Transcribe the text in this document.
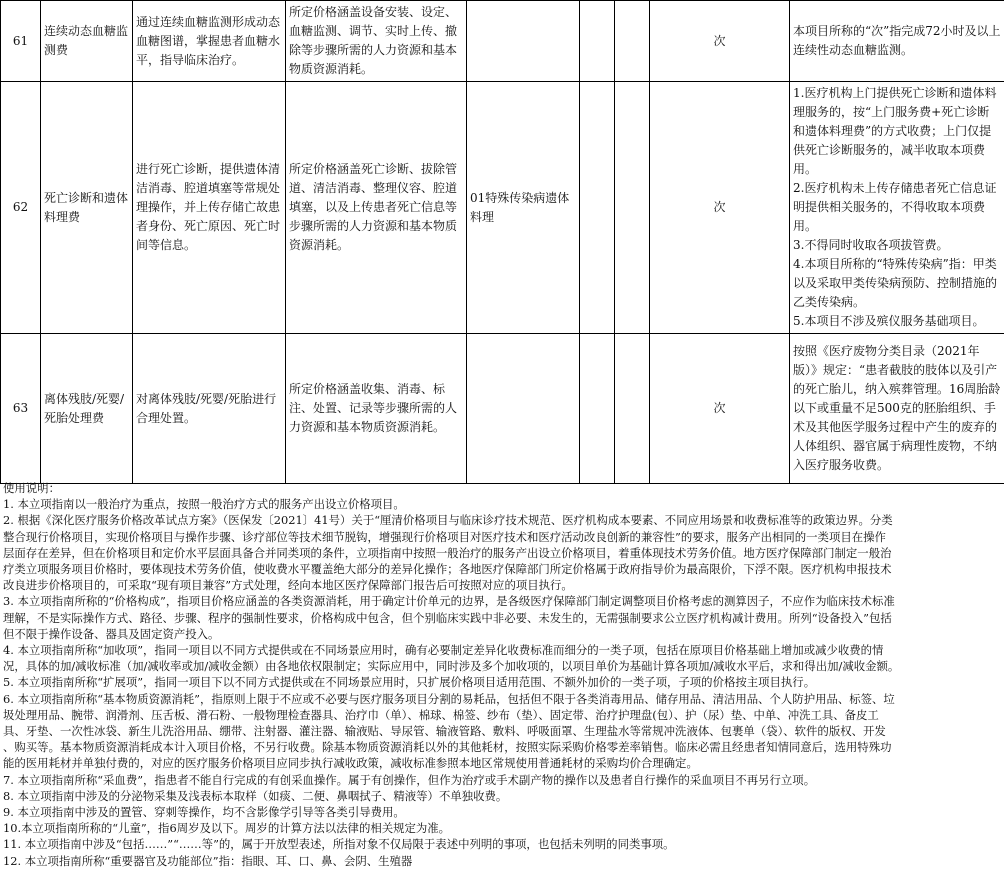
61	连续动态血糖监测费	通过连续血糖监测形成动态血糖图谱，掌握患者血糖水平，指导临床治疗。	所定价格涵盖设备安装、设定、血糖监测、调节、实时上传、撤除等步骤所需的人力资源和基本物质资源消耗。				次	本项目所称的“次”指完成72小时及以上连续性动态血糖监测。

62	死亡诊断和遗体料理费	进行死亡诊断，提供遗体清洁消毒、腔道填塞等常规处理操作，并上传存储亡故患者身份、死亡原因、死亡时间等信息。	所定价格涵盖死亡诊断、拔除管道、清洁消毒、整理仪容、腔道填塞，以及上传患者死亡信息等步骤所需的人力资源和基本物质资源消耗。	01特殊传染病遗体料理			次	1.医疗机构上门提供死亡诊断和遗体料理服务的，按“上门服务费+死亡诊断和遗体料理费”的方式收费；上门仅提供死亡诊断服务的，减半收取本项费用。
2.医疗机构未上传存储患者死亡信息证明提供相关服务的，不得收取本项费用。
3.不得同时收取各项拔管费。
4.本项目所称的“特殊传染病”指：甲类以及采取甲类传染病预防、控制措施的乙类传染病。
5.本项目不涉及殡仪服务基础项目。

63	离体残肢/死婴/死胎处理费	对离体残肢/死婴/死胎进行合理处置。	所定价格涵盖收集、消毒、标注、处置、记录等步骤所需的人力资源和基本物质资源消耗。				次	按照《医疗废物分类目录（2021年版）》规定：“患者截肢的肢体以及引产的死亡胎儿，纳入殡葬管理。16周胎龄以下或重量不足500克的胚胎组织、手术及其他医学服务过程中产生的废弃的人体组织、器官属于病理性废物，不纳入医疗服务收费。
使用说明：
1. 本立项指南以一般治疗为重点，按照一般治疗方式的服务产出设立价格项目。
2. 根据《深化医疗服务价格改革试点方案》（医保发〔2021〕41号）关于“厘清价格项目与临床诊疗技术规范、医疗机构成本要素、不同应用场景和收费标准等的政策边界。分类
整合现行价格项目，实现价格项目与操作步骤、诊疗部位等技术细节脱钩，增强现行价格项目对医疗技术和医疗活动改良创新的兼容性”的要求，服务产出相同的一类项目在操作
层面存在差异，但在价格项目和定价水平层面具备合并同类项的条件，立项指南中按照一般治疗的服务产出设立价格项目，着重体现技术劳务价值。地方医疗保障部门制定一般治
疗类立项服务项目价格时，要体现技术劳务价值，使收费水平覆盖绝大部分的差异化操作；各地医疗保障部门所定价格属于政府指导价为最高限价，下浮不限。医疗机构申报技术
改良进步价格项目的，可采取“现有项目兼容”方式处理，经向本地区医疗保障部门报告后可按照对应的项目执行。
3. 本立项指南所称的“价格构成”，指项目价格应涵盖的各类资源消耗，用于确定计价单元的边界，是各级医疗保障部门制定调整项目价格考虑的测算因子，不应作为临床技术标准
理解，不是实际操作方式、路径、步骤、程序的强制性要求，价格构成中包含，但个别临床实践中非必要、未发生的，无需强制要求公立医疗机构减计费用。所列“设备投入”包括
但不限于操作设备、器具及固定资产投入。
4. 本立项指南所称“加收项”，指同一项目以不同方式提供或在不同场景应用时，确有必要制定差异化收费标准而细分的一类子项，包括在原项目价格基础上增加或减少收费的情
况，具体的加/减收标准（加/减收率或加/减收金额）由各地依权限制定；实际应用中，同时涉及多个加收项的，以项目单价为基础计算各项加/减收水平后，求和得出加/减收金额。
5. 本立项指南所称“扩展项”，指同一项目下以不同方式提供或在不同场景应用时，只扩展价格项目适用范围、不额外加价的一类子项，子项的价格按主项目执行。
6. 本立项指南所称“基本物质资源消耗”，指原则上限于不应或不必要与医疗服务项目分割的易耗品，包括但不限于各类消毒用品、储存用品、清洁用品、个人防护用品、标签、垃
圾处理用品、腕带、润滑剂、压舌板、滑石粉、一般物理检查器具、治疗巾（单）、棉球、棉签、纱布（垫）、固定带、治疗护理盘(包）、护（尿）垫、中单、冲洗工具、备皮工
具、牙垫、一次性冰袋、新生儿洗浴用品、绷带、注射器、灌注器、输液贴、导尿管、输液管路、敷料、呼吸面罩、生理盐水等常规冲洗液体、包裹单（袋）、软件的版权、开发
、购买等。基本物质资源消耗成本计入项目价格，不另行收费。除基本物质资源消耗以外的其他耗材，按照实际采购价格零差率销售。临床必需且经患者知情同意后，选用特殊功
能的医用耗材并单独付费的，对应的医疗服务价格项目应同步执行减收政策，减收标准参照本地区常规使用普通耗材的采购均价合理确定。
7. 本立项指南所称“采血费”，指患者不能自行完成的有创采血操作。属于有创操作，但作为治疗或手术副产物的操作以及患者自行操作的采血项目不再另行立项。
8. 本立项指南中涉及的分泌物采集及浅表标本取样（如痰、二便、鼻咽拭子、精液等）不单独收费。
9. 本立项指南中涉及的置管、穿刺等操作，均不含影像学引导等各类引导费用。
10.本立项指南所称的“儿童”，指6周岁及以下。周岁的计算方法以法律的相关规定为准。
11. 本立项指南中涉及“包括……”“……等”的，属于开放型表述，所指对象不仅局限于表述中列明的事项，也包括未列明的同类事项。
12. 本立项指南所称“重要器官及功能部位”指：指眼、耳、口、鼻、会阴、生殖器
